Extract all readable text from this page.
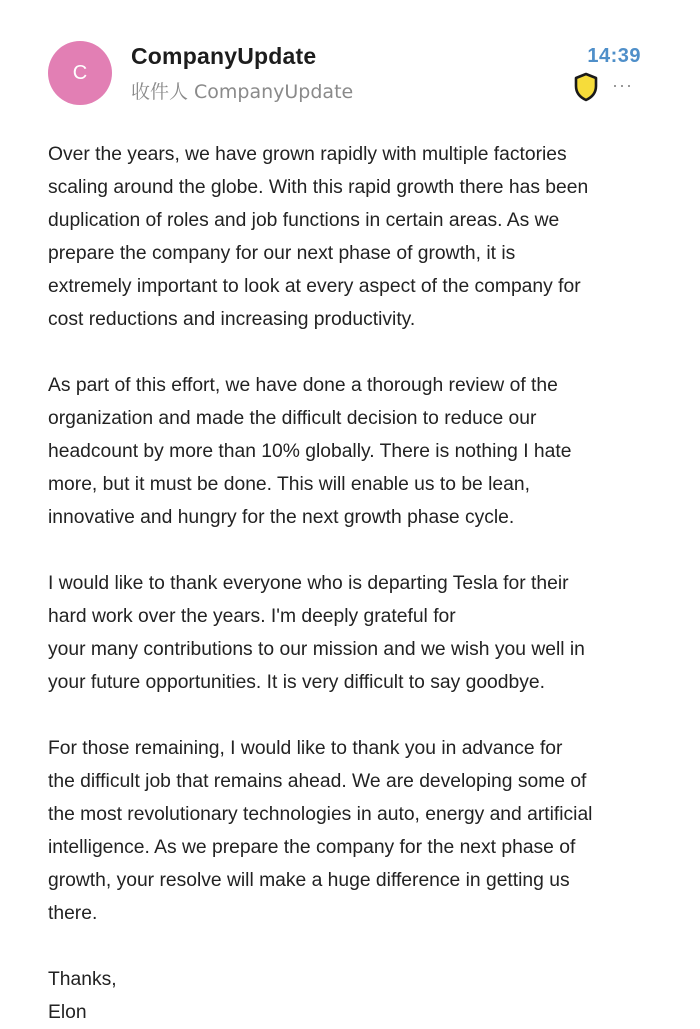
C
CompanyUpdate
收件人 CompanyUpdate
14:39
···

Over the years, we have grown rapidly with multiple factories
scaling around the globe. With this rapid growth there has been
duplication of roles and job functions in certain areas. As we
prepare the company for our next phase of growth, it is
extremely important to look at every aspect of the company for
cost reductions and increasing productivity.

As part of this effort, we have done a thorough review of the
organization and made the difficult decision to reduce our
headcount by more than 10% globally. There is nothing I hate
more, but it must be done. This will enable us to be lean,
innovative and hungry for the next growth phase cycle.

I would like to thank everyone who is departing Tesla for their
hard work over the years. I'm deeply grateful for
your many contributions to our mission and we wish you well in
your future opportunities. It is very difficult to say goodbye.

For those remaining, I would like to thank you in advance for
the difficult job that remains ahead. We are developing some of
the most revolutionary technologies in auto, energy and artificial
intelligence. As we prepare the company for the next phase of
growth, your resolve will make a huge difference in getting us
there.

Thanks,
Elon
